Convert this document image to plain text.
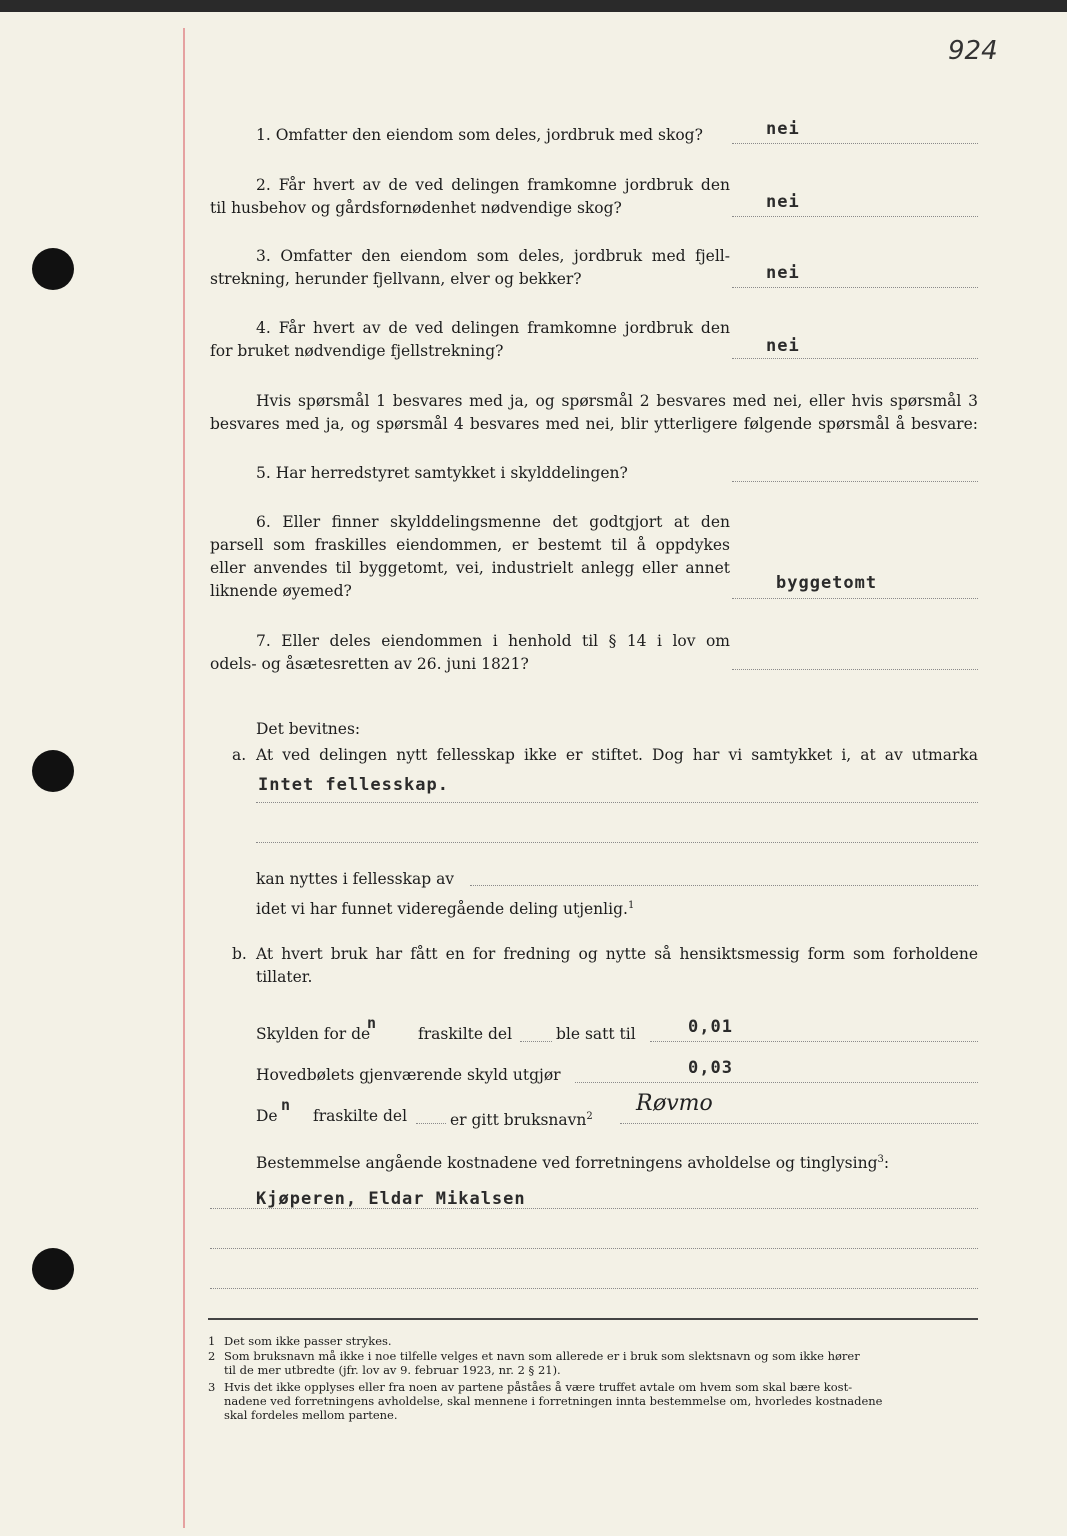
924
1. Omfatter den eiendom som deles, jordbruk med skog?	nei
2. Får hvert av de ved delingen framkomne jordbruk den
til husbehov og gårdsfornødenhet nødvendige skog?	nei
3. Omfatter den eiendom som deles, jordbruk med fjell-
strekning, herunder fjellvann, elver og bekker?	nei
4. Får hvert av de ved delingen framkomne jordbruk den
for bruket nødvendige fjellstrekning?	nei
Hvis spørsmål 1 besvares med ja, og spørsmål 2 besvares med nei, eller hvis spørsmål 3
besvares med ja, og spørsmål 4 besvares med nei, blir ytterligere følgende spørsmål å besvare:
5. Har herredstyret samtykket i skylddelingen?
6. Eller finner skylddelingsmenne det godtgjort at den
parsell som fraskilles eiendommen, er bestemt til å oppdykes
eller anvendes til byggetomt, vei, industrielt anlegg eller annet
liknende øyemed?	byggetomt
7. Eller deles eiendommen i henhold til § 14 i lov om
odels- og åsætesretten av 26. juni 1821?
Det bevitnes:
a. At ved delingen nytt fellesskap ikke er stiftet. Dog har vi samtykket i, at av utmarka
Intet fellesskap.
kan nyttes i fellesskap av
idet vi har funnet videregående deling utjenlig.$^1$
b. At hvert bruk har fått en for fredning og nytte så hensiktsmessig form som forholdene
tillater.
Skylden for de
n
fraskilte del	ble satt til	0,01
Hovedbølets gjenværende skyld utgjør	0,03
De
n
fraskilte del	er gitt bruksnavn$^2$
Røvmo
Bestemmelse angående kostnadene ved forretningens avholdelse og tinglysing$^3$:
Kjøperen, Eldar Mikalsen
1 Det som ikke passer strykes.
2 Som bruksnavn må ikke i noe tilfelle velges et navn som allerede er i bruk som slektsnavn og som ikke hører
til de mer utbredte (jfr. lov av 9. februar 1923, nr. 2 § 21).
3 Hvis det ikke opplyses eller fra noen av partene påståes å være truffet avtale om hvem som skal bære kost-
nadene ved forretningens avholdelse, skal mennene i forretningen innta bestemmelse om, hvorledes kostnadene
skal fordeles mellom partene.
